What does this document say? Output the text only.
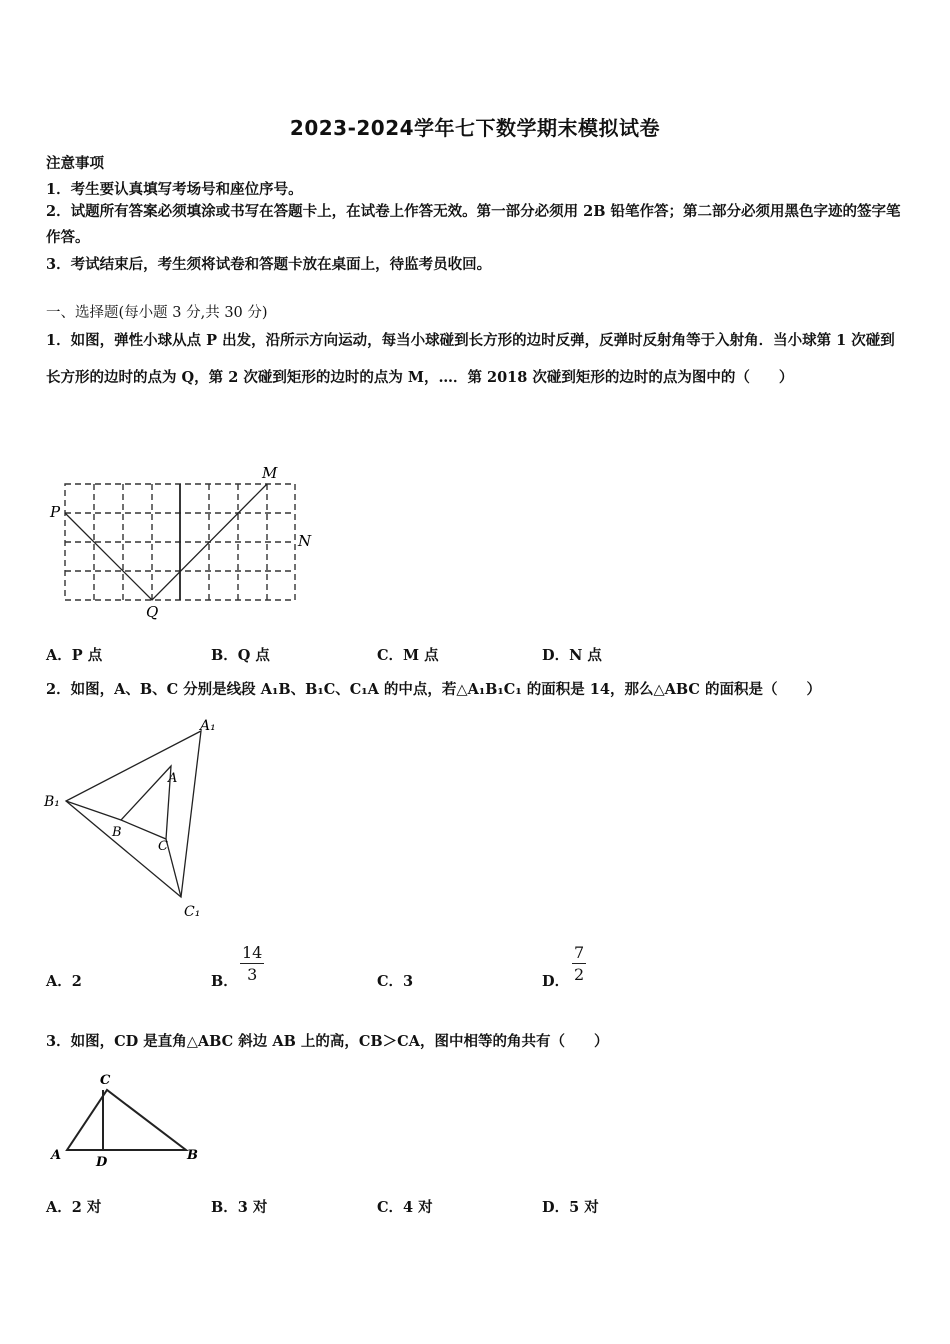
2023-2024学年七下数学期末模拟试卷
注意事项
1．考生要认真填写考场号和座位序号。
2．试题所有答案必须填涂或书写在答题卡上，在试卷上作答无效。第一部分必须用 2B 铅笔作答；第二部分必须用黑色字迹的签字笔作答。
3．考试结束后，考生须将试卷和答题卡放在桌面上，待监考员收回。
一、选择题(每小题 3 分,共 30 分)
1．如图，弹性小球从点 P 出发，沿所示方向运动，每当小球碰到长方形的边时反弹，反弹时反射角等于入射角．当小球第 1 次碰到长方形的边时的点为 Q，第 2 次碰到矩形的边时的点为 M，…．第 2018 次碰到矩形的边时的点为图中的（　　）
P
Q
M
N
A．P 点	B．Q 点	C．M 点	D．N 点
2．如图，A、B、C 分别是线段 A₁B、B₁C、C₁A 的中点，若△A₁B₁C₁ 的面积是 14，那么△ABC 的面积是（　　）
A₁
B₁
C₁
A
B
C
A．2	B．
14
3	C．3	D．
7
2
3．如图，CD 是直角△ABC 斜边 AB 上的高，CB＞CA，图中相等的角共有（　　）
C
A	D	B
A．2 对	B．3 对	C．4 对	D．5 对
